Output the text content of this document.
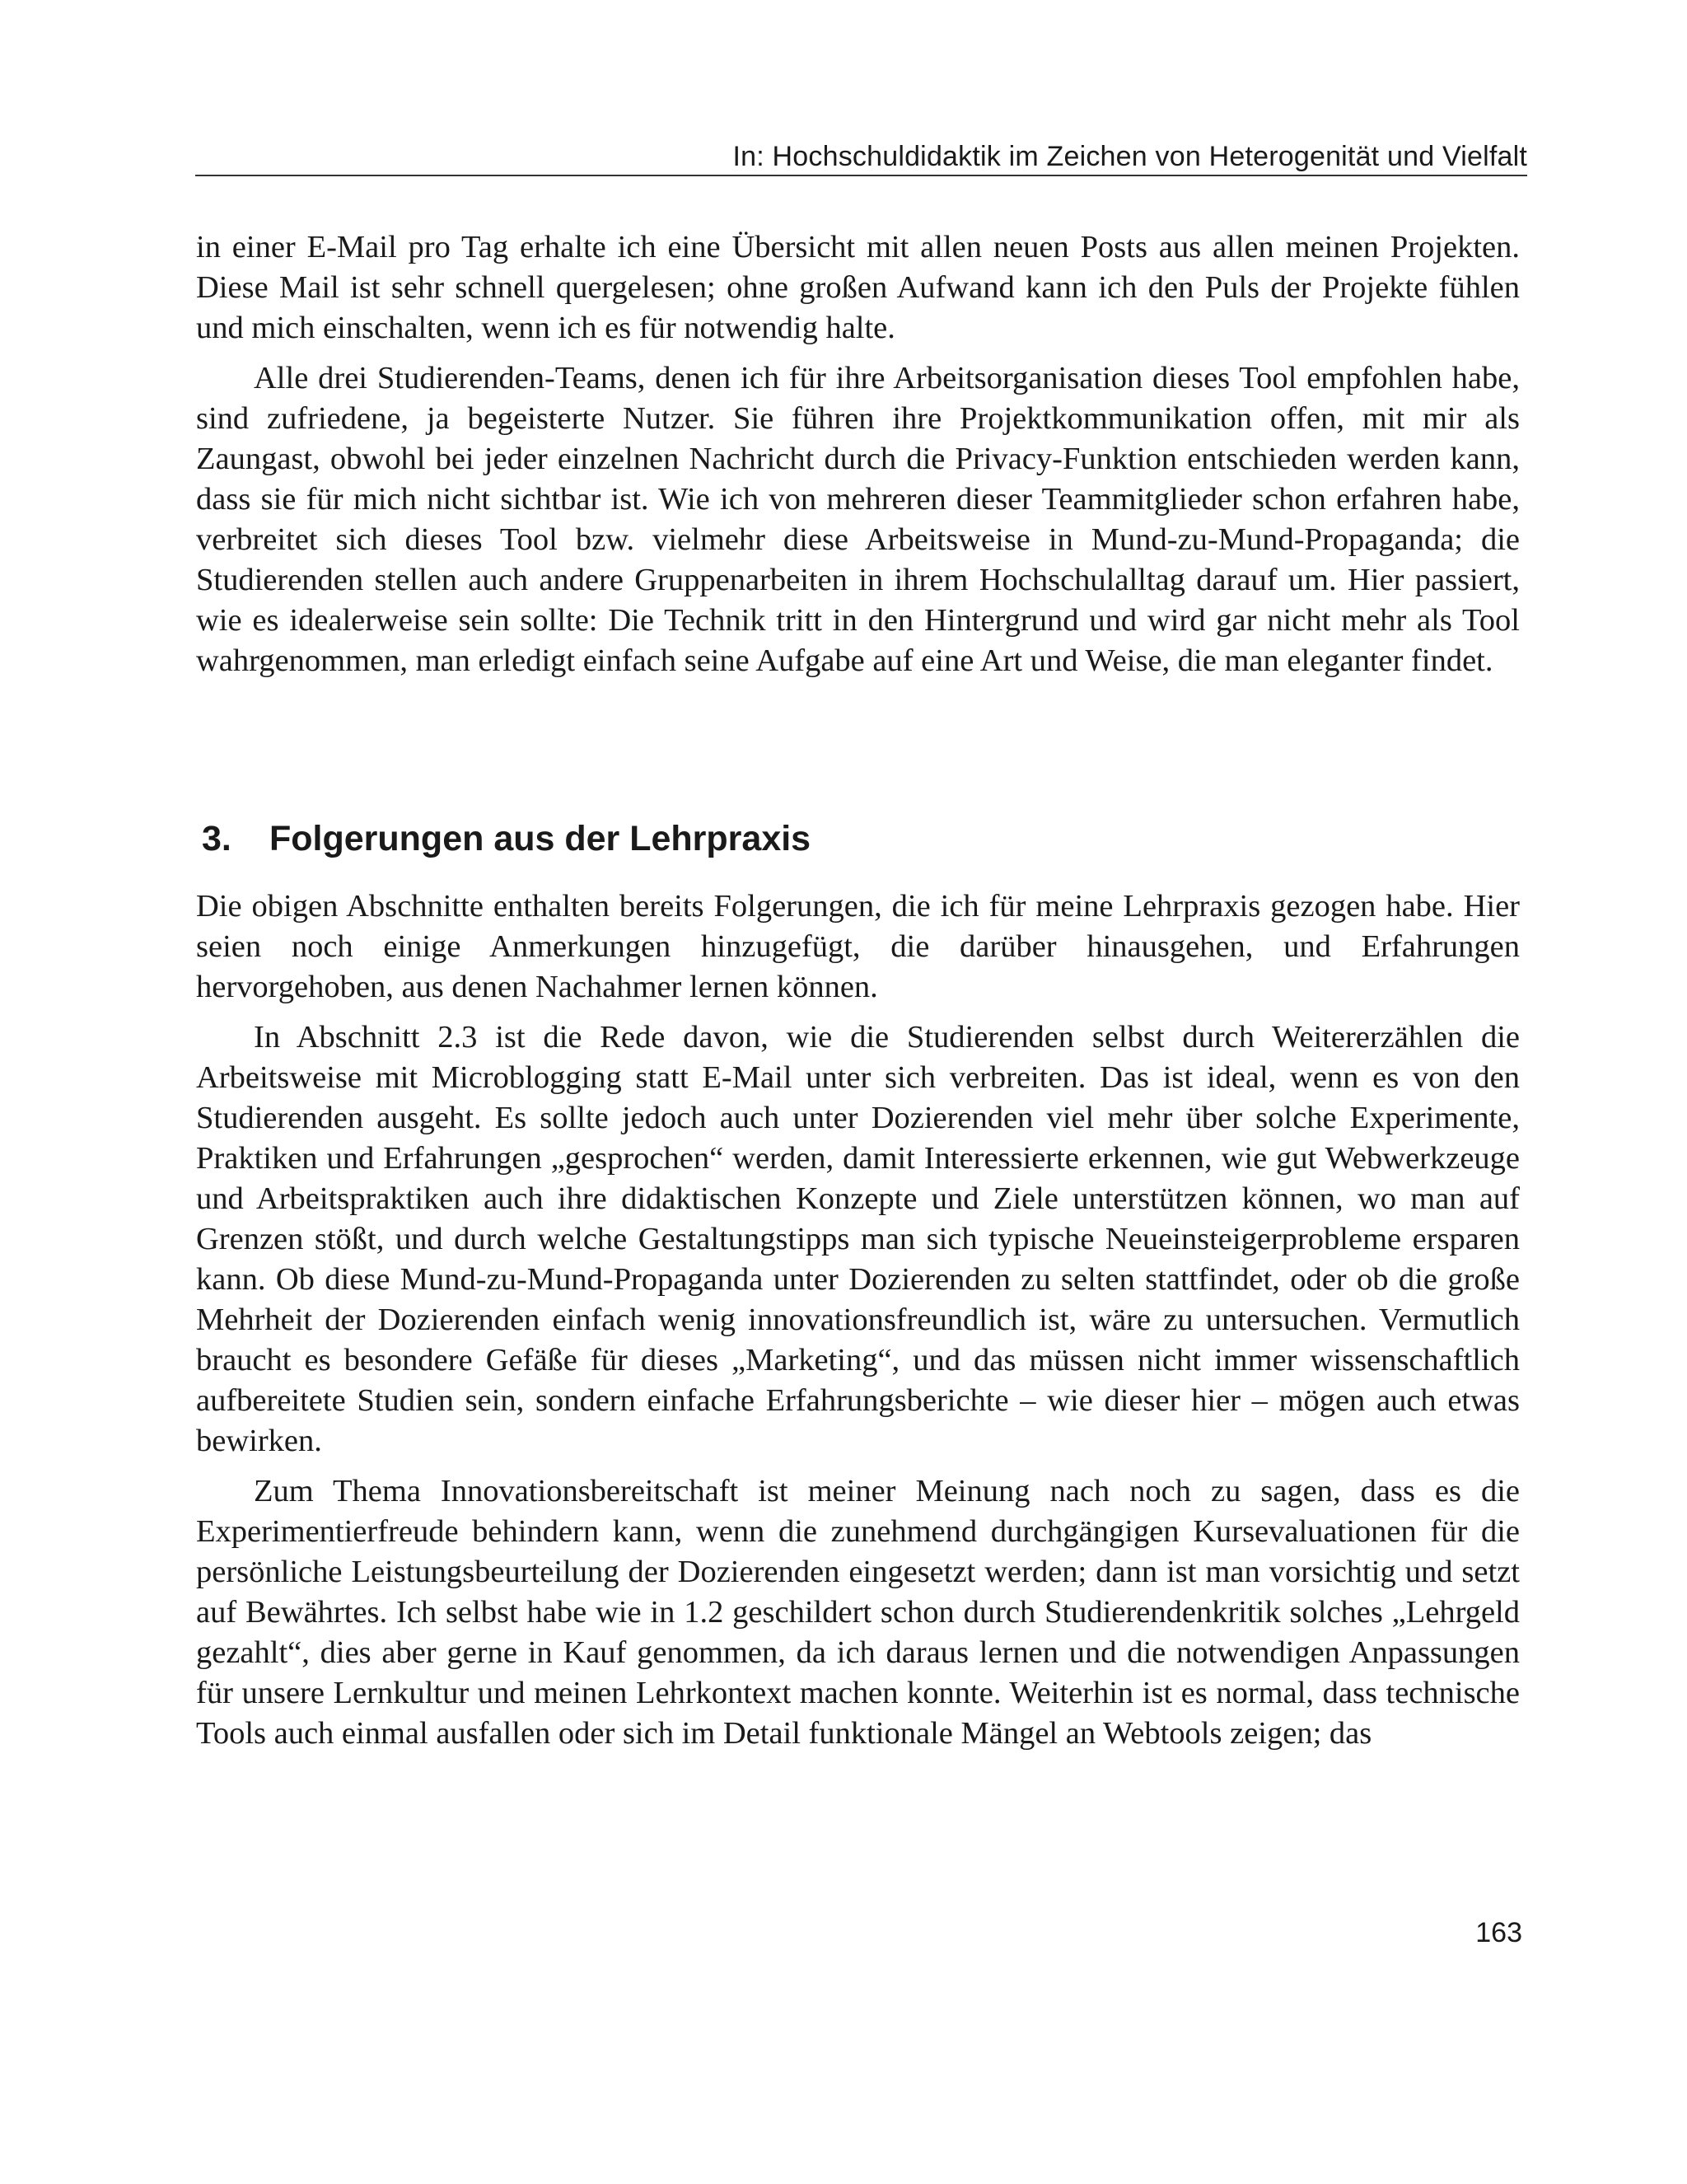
In: Hochschuldidaktik im Zeichen von Heterogenität und Vielfalt

in einer E-Mail pro Tag erhalte ich eine Übersicht mit allen neuen Posts aus allen meinen Projekten. Diese Mail ist sehr schnell quergelesen; ohne großen Aufwand kann ich den Puls der Projekte fühlen und mich einschalten, wenn ich es für notwendig halte.

Alle drei Studierenden-Teams, denen ich für ihre Arbeitsorganisation dieses Tool empfohlen habe, sind zufriedene, ja begeisterte Nutzer. Sie führen ihre Projektkommunikation offen, mit mir als Zaungast, obwohl bei jeder einzelnen Nachricht durch die Privacy-Funktion entschieden werden kann, dass sie für mich nicht sichtbar ist. Wie ich von mehreren dieser Teammitglieder schon erfahren habe, verbreitet sich dieses Tool bzw. vielmehr diese Arbeitsweise in Mund-zu-Mund-Propaganda; die Studierenden stellen auch andere Gruppenarbeiten in ihrem Hochschulalltag darauf um. Hier passiert, wie es idealerweise sein sollte: Die Technik tritt in den Hintergrund und wird gar nicht mehr als Tool wahrgenommen, man erledigt einfach seine Aufgabe auf eine Art und Weise, die man eleganter findet.

3. Folgerungen aus der Lehrpraxis

Die obigen Abschnitte enthalten bereits Folgerungen, die ich für meine Lehrpraxis gezogen habe. Hier seien noch einige Anmerkungen hinzugefügt, die darüber hinausgehen, und Erfahrungen hervorgehoben, aus denen Nachahmer lernen können.

In Abschnitt 2.3 ist die Rede davon, wie die Studierenden selbst durch Weitererzählen die Arbeitsweise mit Microblogging statt E-Mail unter sich verbreiten. Das ist ideal, wenn es von den Studierenden ausgeht. Es sollte jedoch auch unter Dozierenden viel mehr über solche Experimente, Praktiken und Erfahrungen „gesprochen“ werden, damit Interessierte erkennen, wie gut Webwerkzeuge und Arbeitspraktiken auch ihre didaktischen Konzepte und Ziele unterstützen können, wo man auf Grenzen stößt, und durch welche Gestaltungstipps man sich typische Neueinsteigerprobleme ersparen kann. Ob diese Mund-zu-Mund-Propaganda unter Dozierenden zu selten stattfindet, oder ob die große Mehrheit der Dozierenden einfach wenig innovationsfreundlich ist, wäre zu untersuchen. Vermutlich braucht es besondere Gefäße für dieses „Marketing“, und das müssen nicht immer wissenschaftlich aufbereitete Studien sein, sondern einfache Erfahrungsberichte – wie dieser hier – mögen auch etwas bewirken.

Zum Thema Innovationsbereitschaft ist meiner Meinung nach noch zu sagen, dass es die Experimentierfreude behindern kann, wenn die zunehmend durchgängigen Kursevaluationen für die persönliche Leistungsbeurteilung der Dozierenden eingesetzt werden; dann ist man vorsichtig und setzt auf Bewährtes. Ich selbst habe wie in 1.2 geschildert schon durch Studierendenkritik solches „Lehrgeld gezahlt“, dies aber gerne in Kauf genommen, da ich daraus lernen und die notwendigen Anpassungen für unsere Lernkultur und meinen Lehrkontext machen konnte. Weiterhin ist es normal, dass technische Tools auch einmal ausfallen oder sich im Detail funktionale Mängel an Webtools zeigen; das

163
